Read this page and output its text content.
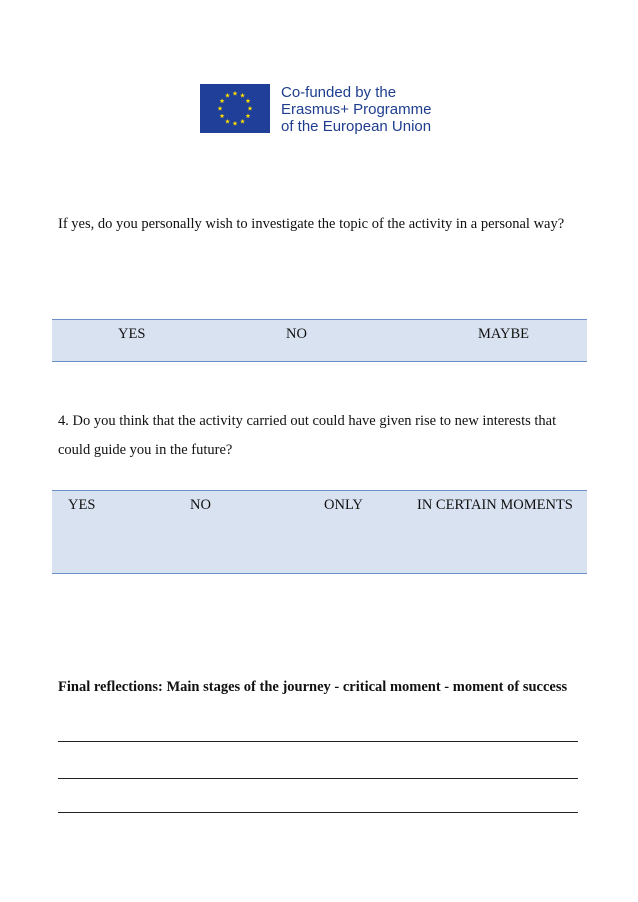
Co-funded by the
Erasmus+ Programme
of the European Union
If yes, do you personally wish to investigate the topic of the activity in a personal way?
YES	NO	MAYBE
4. Do you think that the activity carried out could have given rise to new interests that could guide you in the future?
YES	NO	ONLY	IN CERTAIN MOMENTS
Final reflections: Main stages of the journey - critical moment - moment of success
